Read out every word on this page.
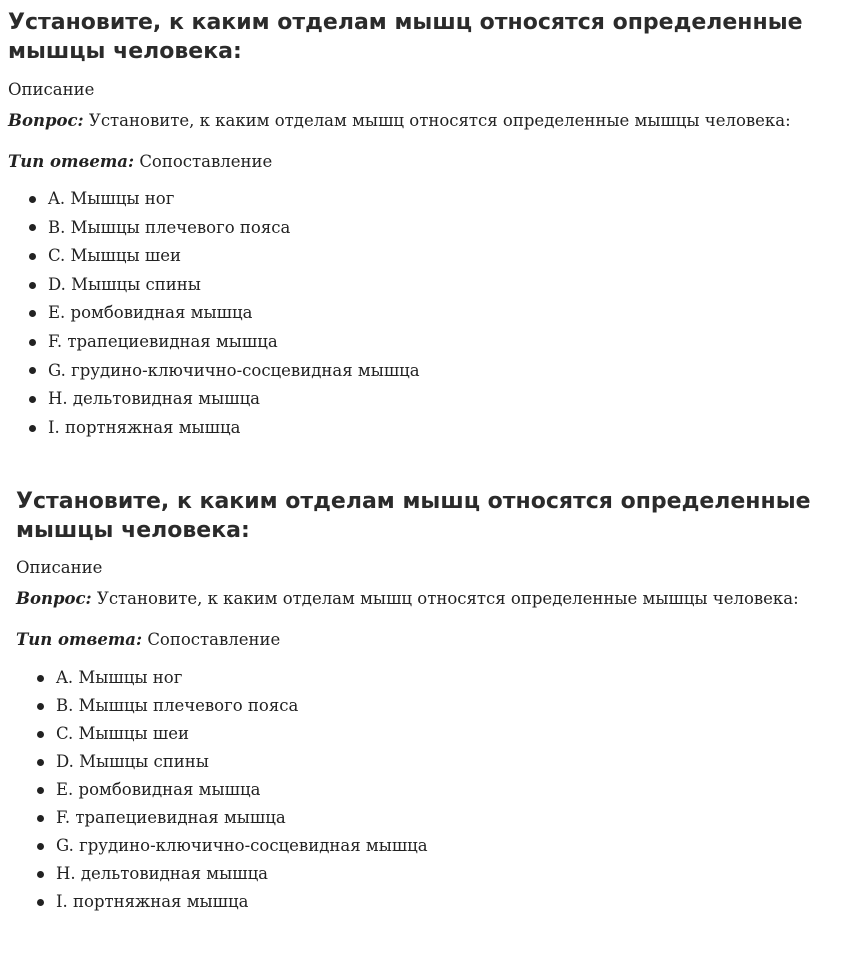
Установите, к каким отделам мышц относятся определенные мышцы человека:
Описание

Вопрос: Установите, к каким отделам мышц относятся определенные мышцы человека:

Тип ответа: Сопоставление

A. Мышцы ног
B. Мышцы плечевого пояса
C. Мышцы шеи
D. Мышцы спины
E. ромбовидная мышца
F. трапециевидная мышца
G. грудино-ключично-сосцевидная мышца
H. дельтовидная мышца
I. портняжная мышца
Установите, к каким отделам мышц относятся определенные мышцы человека:
Описание

Вопрос: Установите, к каким отделам мышц относятся определенные мышцы человека:

Тип ответа: Сопоставление

A. Мышцы ног
B. Мышцы плечевого пояса
C. Мышцы шеи
D. Мышцы спины
E. ромбовидная мышца
F. трапециевидная мышца
G. грудино-ключично-сосцевидная мышца
H. дельтовидная мышца
I. портняжная мышца
